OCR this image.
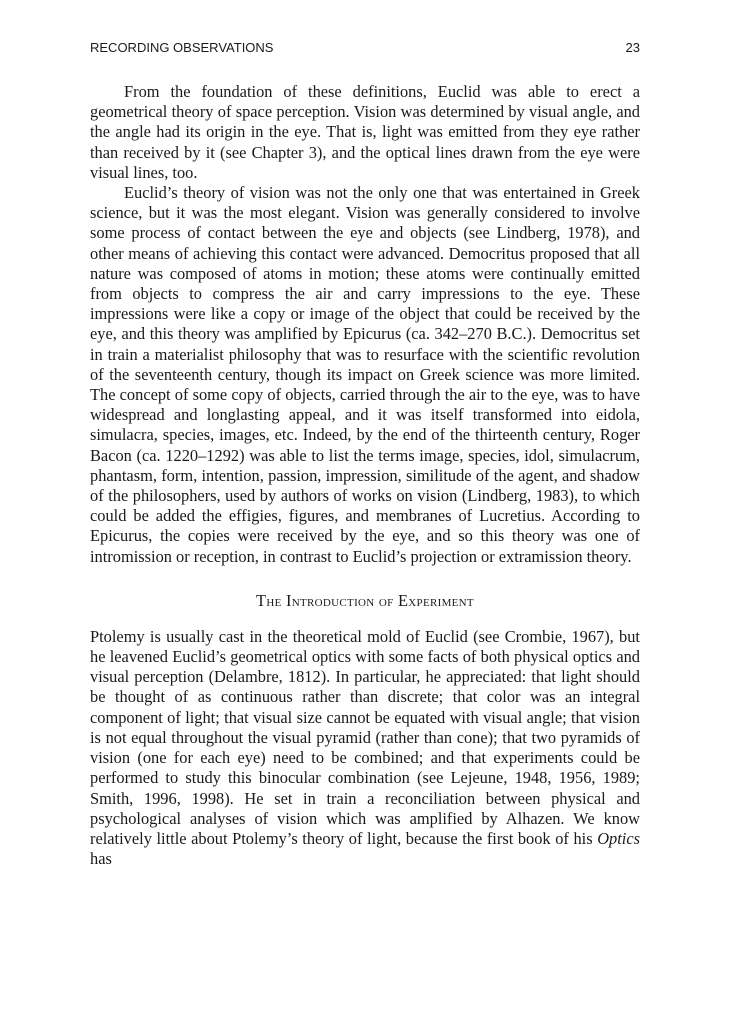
RECORDING OBSERVATIONS	23

From the foundation of these definitions, Euclid was able to erect a geometrical theory of space perception. Vision was determined by visual angle, and the angle had its origin in the eye. That is, light was emitted from they eye rather than received by it (see Chapter 3), and the optical lines drawn from the eye were visual lines, too.

Euclid’s theory of vision was not the only one that was entertained in Greek science, but it was the most elegant. Vision was generally considered to involve some process of contact between the eye and objects (see Lindberg, 1978), and other means of achieving this contact were advanced. Democritus proposed that all nature was composed of atoms in motion; these atoms were continually emitted from objects to compress the air and carry impressions to the eye. These impressions were like a copy or image of the object that could be received by the eye, and this theory was amplified by Epicurus (ca. 342–270 B.C.). Democritus set in train a materialist philosophy that was to resurface with the scientific revolution of the seventeenth century, though its impact on Greek science was more limited. The concept of some copy of objects, carried through the air to the eye, was to have widespread and longlasting appeal, and it was itself transformed into eidola, simulacra, species, images, etc. Indeed, by the end of the thirteenth century, Roger Bacon (ca. 1220–1292) was able to list the terms image, species, idol, simulacrum, phantasm, form, intention, passion, impression, similitude of the agent, and shadow of the philosophers, used by authors of works on vision (Lindberg, 1983), to which could be added the effigies, figures, and membranes of Lucretius. According to Epicurus, the copies were received by the eye, and so this theory was one of intromission or reception, in contrast to Euclid’s projection or extramission theory.

The Introduction of Experiment

Ptolemy is usually cast in the theoretical mold of Euclid (see Crombie, 1967), but he leavened Euclid’s geometrical optics with some facts of both physical optics and visual perception (Delambre, 1812). In particular, he appreciated: that light should be thought of as continuous rather than discrete; that color was an integral component of light; that visual size cannot be equated with visual angle; that vision is not equal throughout the visual pyramid (rather than cone); that two pyramids of vision (one for each eye) need to be combined; and that experiments could be performed to study this binocular combination (see Lejeune, 1948, 1956, 1989; Smith, 1996, 1998). He set in train a reconciliation between physical and psychological analyses of vision which was amplified by Alhazen. We know relatively little about Ptolemy’s theory of light, because the first book of his Optics has
